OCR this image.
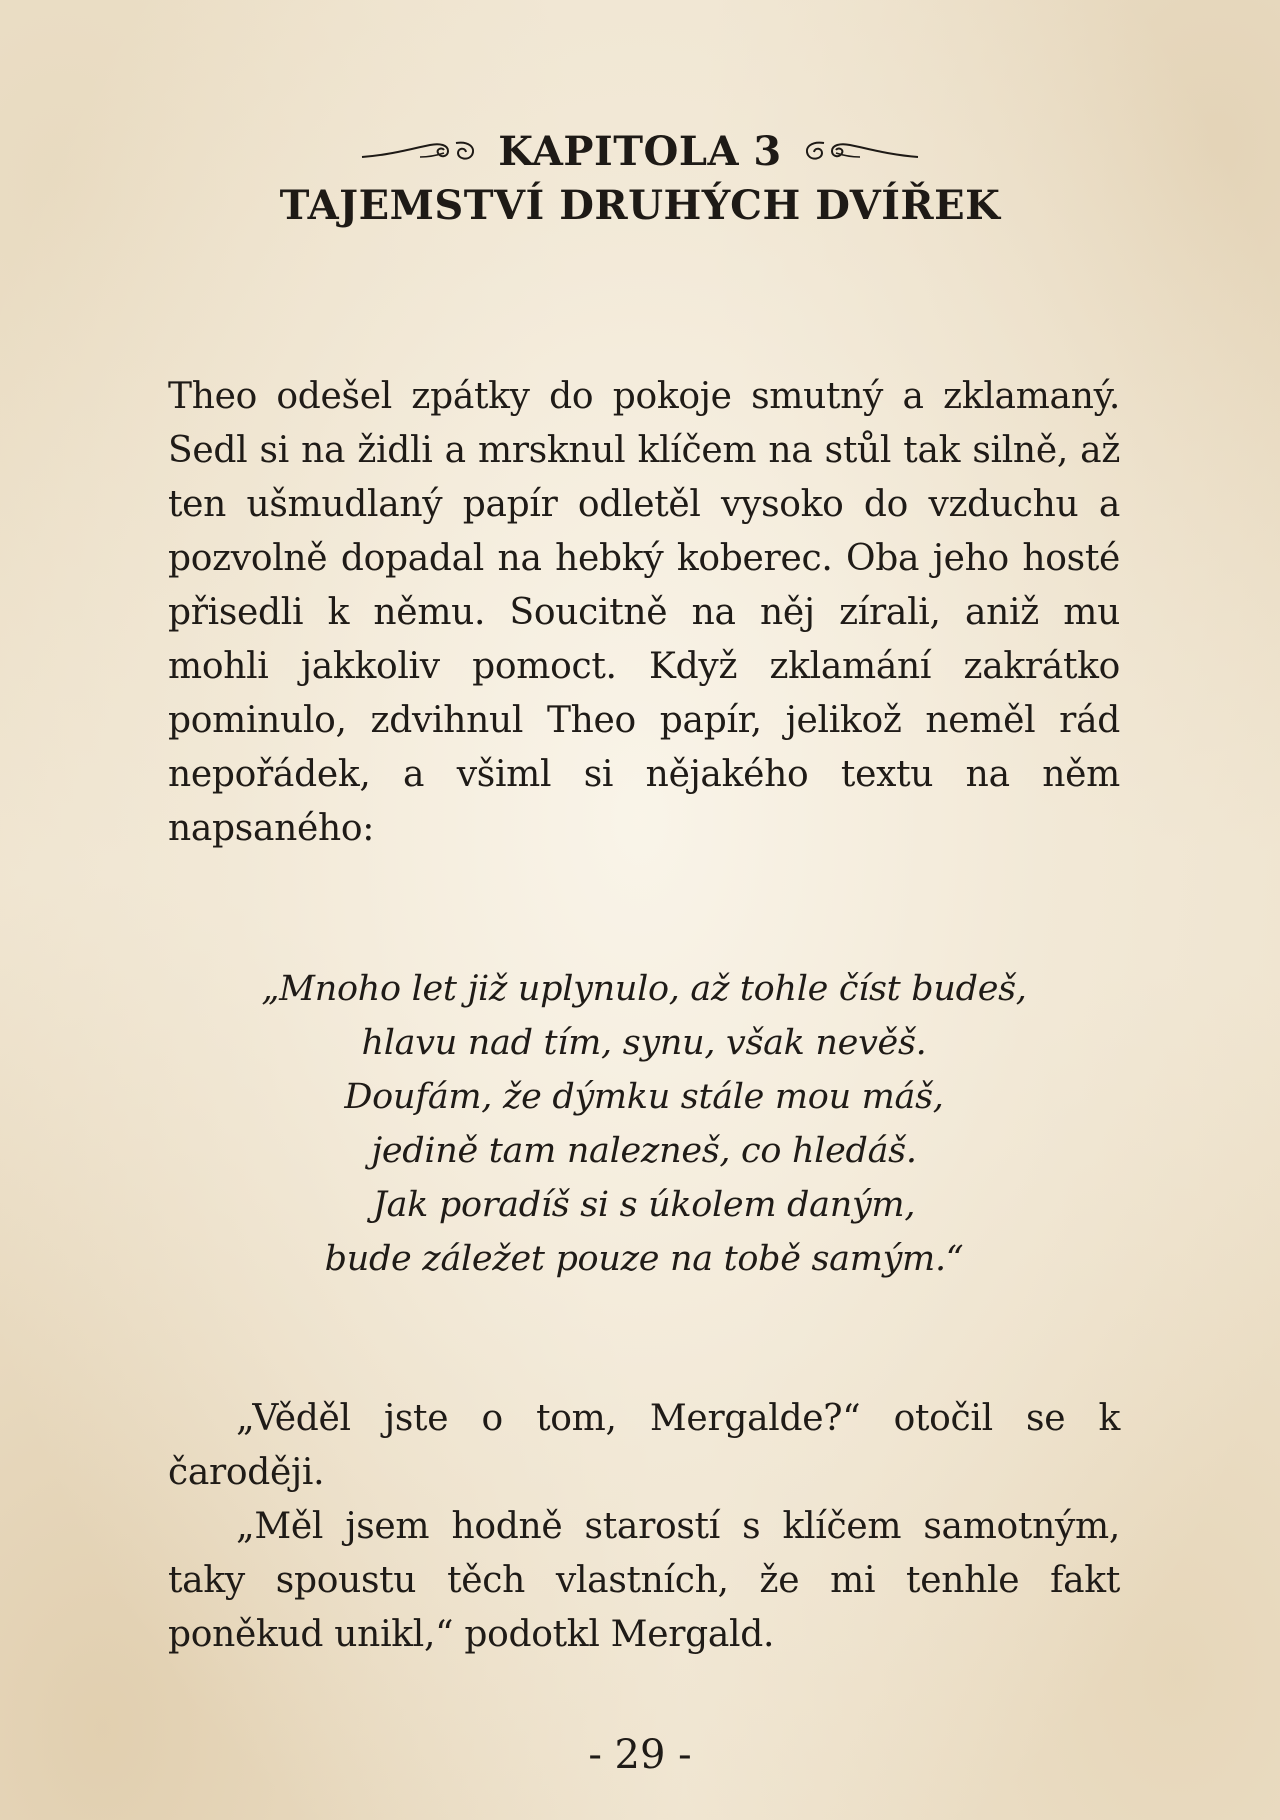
KAPITOLA 3
TAJEMSTVÍ DRUHÝCH DVÍŘEK
Theo odešel zpátky do pokoje smutný a zklamaný. Sedl si na židli a mrsknul klíčem na stůl tak silně, až ten ušmudlaný papír odletěl vysoko do vzduchu a pozvolně dopadal na hebký koberec. Oba jeho hosté přisedli k němu. Soucitně na něj zírali, aniž mu mohli jakkoliv pomoct. Když zklamání zakrátko pominulo, zdvihnul Theo papír, jelikož neměl rád nepořádek, a všiml si nějakého textu na něm napsaného:
„Mnoho let již uplynulo, až tohle číst budeš,
hlavu nad tím, synu, však nevěš.
Doufám, že dýmku stále mou máš,
jedině tam nalezneš, co hledáš.
Jak poradíš si s úkolem daným,
bude záležet pouze na tobě samým.“

„Věděl jste o tom, Mergalde?“ otočil se k čaroději.

„Měl jsem hodně starostí s klíčem samotným, taky spoustu těch vlastních, že mi tenhle fakt poněkud unikl,“ podotkl Mergald.

- 29 -
